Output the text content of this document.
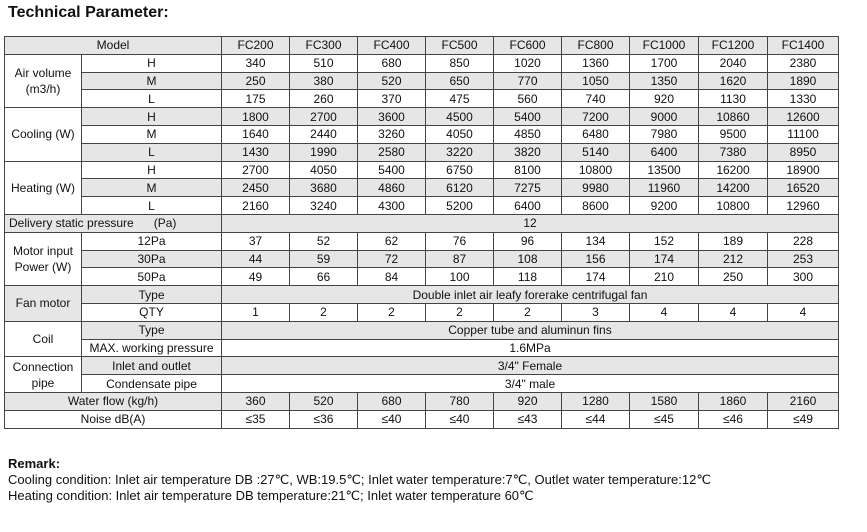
Technical Parameter:
Model		FC200	FC300	FC400	FC500	FC600	FC800	FC1000	FC1200	FC1400
Air volume
(m3/h)	H	340	510	680	850	1020	1360	1700	2040	2380
	M	250	380	520	650	770	1050	1350	1620	1890
	L	175	260	370	475	560	740	920	1130	1330
Cooling (W)	H	1800	2700	3600	4500	5400	7200	9000	10860	12600
	M	1640	2440	3260	4050	4850	6480	7980	9500	11100
	L	1430	1990	2580	3220	3820	5140	6400	7380	8950
Heating (W)	H	2700	4050	5400	6750	8100	10800	13500	16200	18900
	M	2450	3680	4860	6120	7275	9980	11960	14200	16520
	L	2160	3240	4300	5200	6400	8600	9200	10800	12960
Delivery static pressure      (Pa)		12								
Motor input
Power (W)	12Pa	37	52	62	76	96	134	152	189	228
	30Pa	44	59	72	87	108	156	174	212	253
	50Pa	49	66	84	100	118	174	210	250	300
Fan motor	Type	Double inlet air leafy forerake centrifugal fan								
	QTY	1	2	2	2	2	3	4	4	4
Coil	Type	Copper tube and aluminun fins								
	MAX. working pressure	1.6MPa								
Connection
pipe	Inlet and outlet	3/4" Female								
	Condensate pipe	3/4" male								
Water flow (kg/h)		360	520	680	780	920	1280	1580	1860	2160
Noise dB(A)		≤35	≤36	≤40	≤40	≤43	≤44	≤45	≤46	≤49
Remark:
Cooling condition: Inlet air temperature DB :27℃, WB:19.5℃; Inlet water temperature:7℃, Outlet water temperature:12℃
Heating condition: Inlet air temperature DB temperature:21℃; Inlet water temperature 60℃
